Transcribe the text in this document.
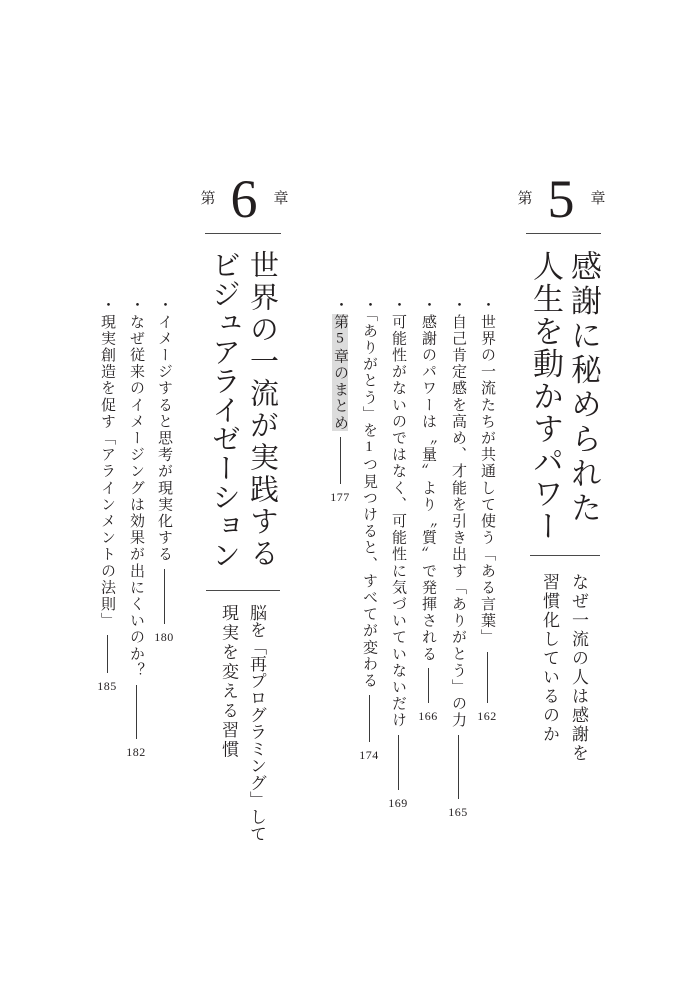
第 5	章
感謝に秘められた
人生を動かすパワー
なぜ一流の人は感謝を
習慣化しているのか
・世界の一流たちが共通して使う「ある言葉」
162
・自己肯定感を高め、才能を引き出す「ありがとう」の力
165
・感謝のパワーは〝量〟より〝質〟で発揮される
166
・可能性がないのではなく、可能性に気づいていないだけ
169
・「ありがとう」を1つ見つけると、すべてが変わる
174
・第5章のまとめ
177
第 6	章
世界の一流が実践する
ビジュアライゼーション
脳を「再プログラミング」して
現実を変える習慣
・イメージすると思考が現実化する
180
・なぜ従来のイメージングは効果が出にくいのか？
182
・現実創造を促す「アラインメントの法則」
185
